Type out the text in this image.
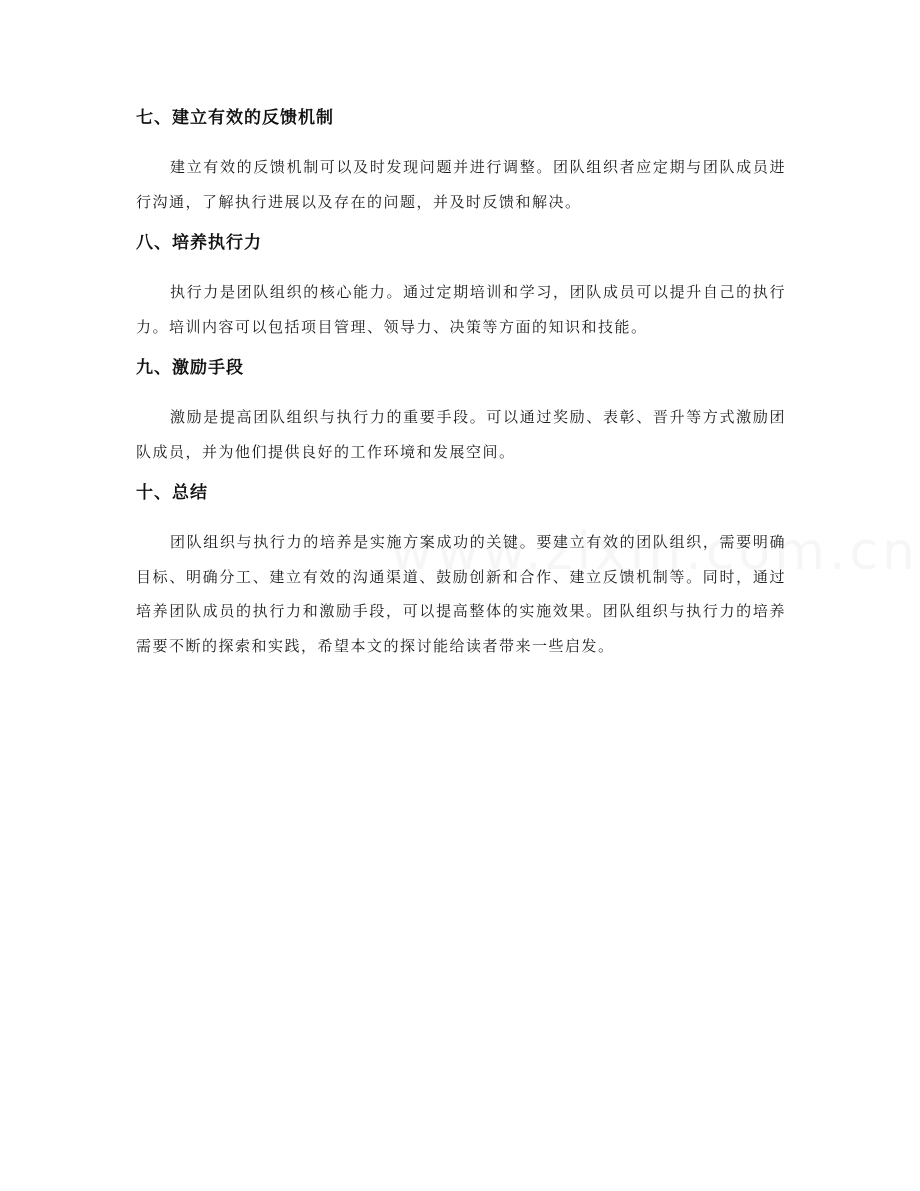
七、建立有效的反馈机制

建立有效的反馈机制可以及时发现问题并进行调整。团队组织者应定期与团队成员进行沟通，了解执行进展以及存在的问题，并及时反馈和解决。

八、培养执行力

执行力是团队组织的核心能力。通过定期培训和学习，团队成员可以提升自己的执行力。培训内容可以包括项目管理、领导力、决策等方面的知识和技能。

九、激励手段

激励是提高团队组织与执行力的重要手段。可以通过奖励、表彰、晋升等方式激励团队成员，并为他们提供良好的工作环境和发展空间。

十、总结

团队组织与执行力的培养是实施方案成功的关键。要建立有效的团队组织，需要明确目标、明确分工、建立有效的沟通渠道、鼓励创新和合作、建立反馈机制等。同时，通过培养团队成员的执行力和激励手段，可以提高整体的实施效果。团队组织与执行力的培养需要不断的探索和实践，希望本文的探讨能给读者带来一些启发。
